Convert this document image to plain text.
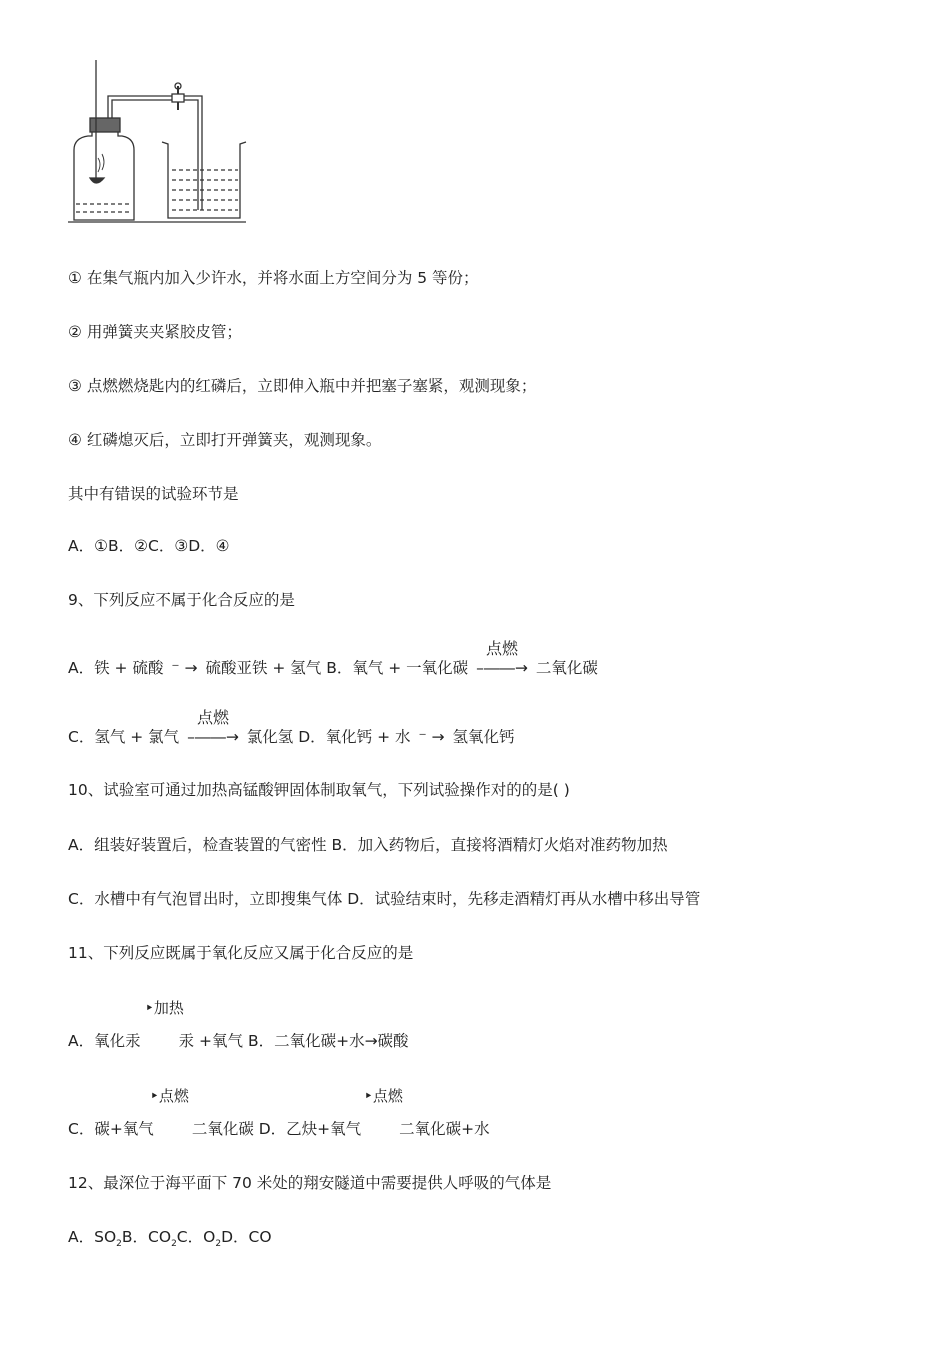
① 在集气瓶内加入少许水，并将水面上方空间分为 5 等份；
② 用弹簧夹夹紧胶皮管；
③ 点燃燃烧匙内的红磷后，立即伸入瓶中并把塞子塞紧，观测现象；
④ 红磷熄灭后，立即打开弹簧夹，观测现象。
其中有错误的试验环节是
A．①B．②C．③D．④
9、下列反应不属于化合反应的是
A．铁 + 硫酸 ⁻ → 硫酸亚铁 + 氢气 B．氧气 + 一氧化碳
点燃
–――→ 二氧化碳
C．氢气 + 氯气
点燃
–――→ 氯化氢 D．氧化钙 + 水 ⁻ → 氢氧化钙
10、试验室可通过加热高锰酸钾固体制取氧气，下列试验操作对的的是( )
A．组装好装置后，检查装置的气密性 B．加入药物后，直接将酒精灯火焰对准药物加热
C．水槽中有气泡冒出时，立即搜集气体 D．试验结束时，先移走酒精灯再从水槽中移出导管
11、下列反应既属于氧化反应又属于化合反应的是
‣加热
A．氧化汞 汞 +氧气 B．二氧化碳+水→碳酸
‣点燃	‣点燃
C．碳+氧气 二氧化碳 D．乙炔+氧气 二氧化碳+水
12、最深位于海平面下 70 米处的翔安隧道中需要提供人呼吸的气体是
A．$SO_2B$．$CO_2C$．$O_2D$．CO
